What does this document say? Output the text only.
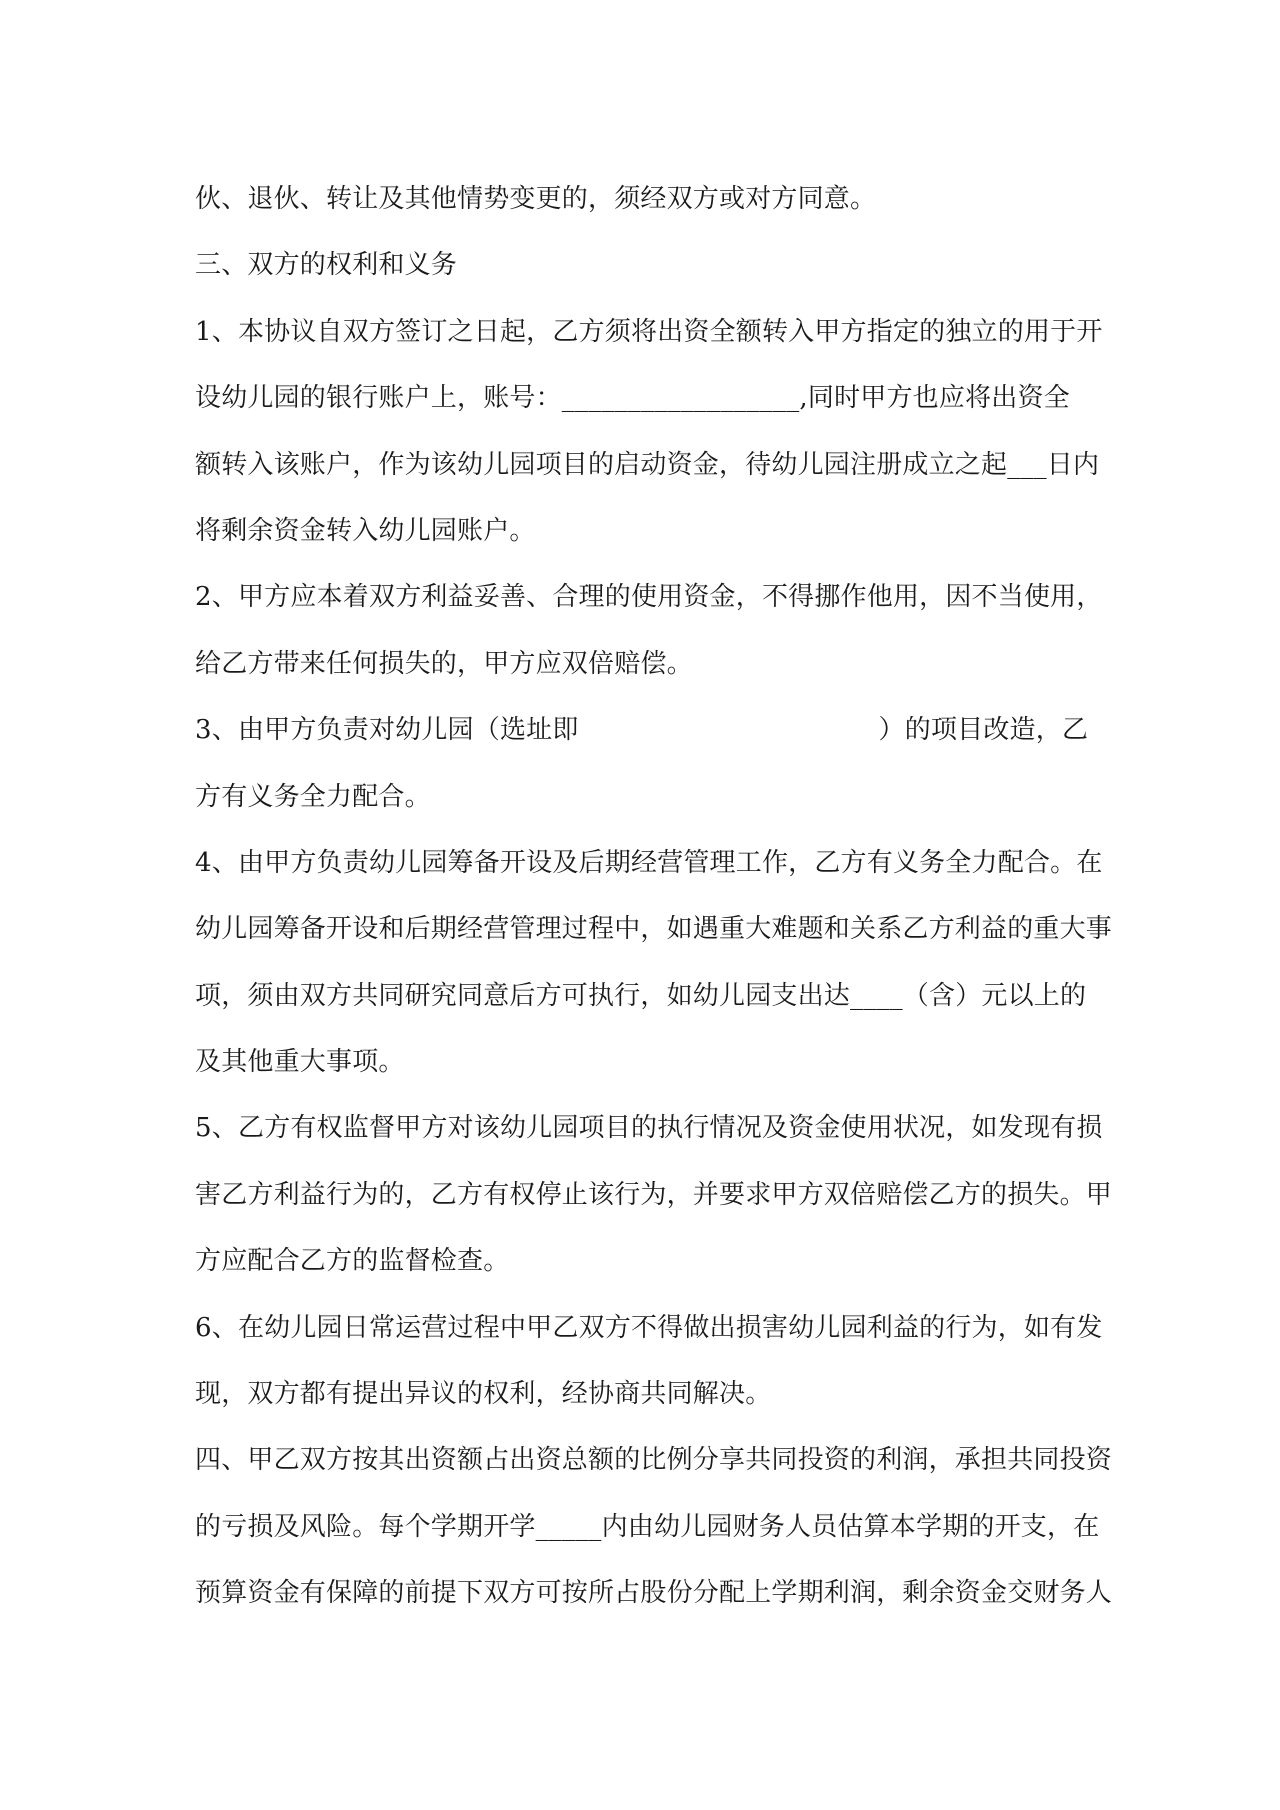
伙、退伙、转让及其他情势变更的，须经双方或对方同意。
三、双方的权利和义务
1、本协议自双方签订之日起，乙方须将出资全额转入甲方指定的独立的用于开
设幼儿园的银行账户上，账号：__________________,同时甲方也应将出资全
额转入该账户，作为该幼儿园项目的启动资金，待幼儿园注册成立之起___日内
将剩余资金转入幼儿园账户。
2、甲方应本着双方利益妥善、合理的使用资金，不得挪作他用，因不当使用，
给乙方带来任何损失的，甲方应双倍赔偿。
3、由甲方负责对幼儿园（选址即	）的项目改造，乙
方有义务全力配合。
4、由甲方负责幼儿园筹备开设及后期经营管理工作，乙方有义务全力配合。在
幼儿园筹备开设和后期经营管理过程中，如遇重大难题和关系乙方利益的重大事
项，须由双方共同研究同意后方可执行，如幼儿园支出达____（含）元以上的
及其他重大事项。
5、乙方有权监督甲方对该幼儿园项目的执行情况及资金使用状况，如发现有损
害乙方利益行为的，乙方有权停止该行为，并要求甲方双倍赔偿乙方的损失。甲
方应配合乙方的监督检查。
6、在幼儿园日常运营过程中甲乙双方不得做出损害幼儿园利益的行为，如有发
现，双方都有提出异议的权利，经协商共同解决。
四、甲乙双方按其出资额占出资总额的比例分享共同投资的利润，承担共同投资
的亏损及风险。每个学期开学_____内由幼儿园财务人员估算本学期的开支，在
预算资金有保障的前提下双方可按所占股份分配上学期利润，剩余资金交财务人
